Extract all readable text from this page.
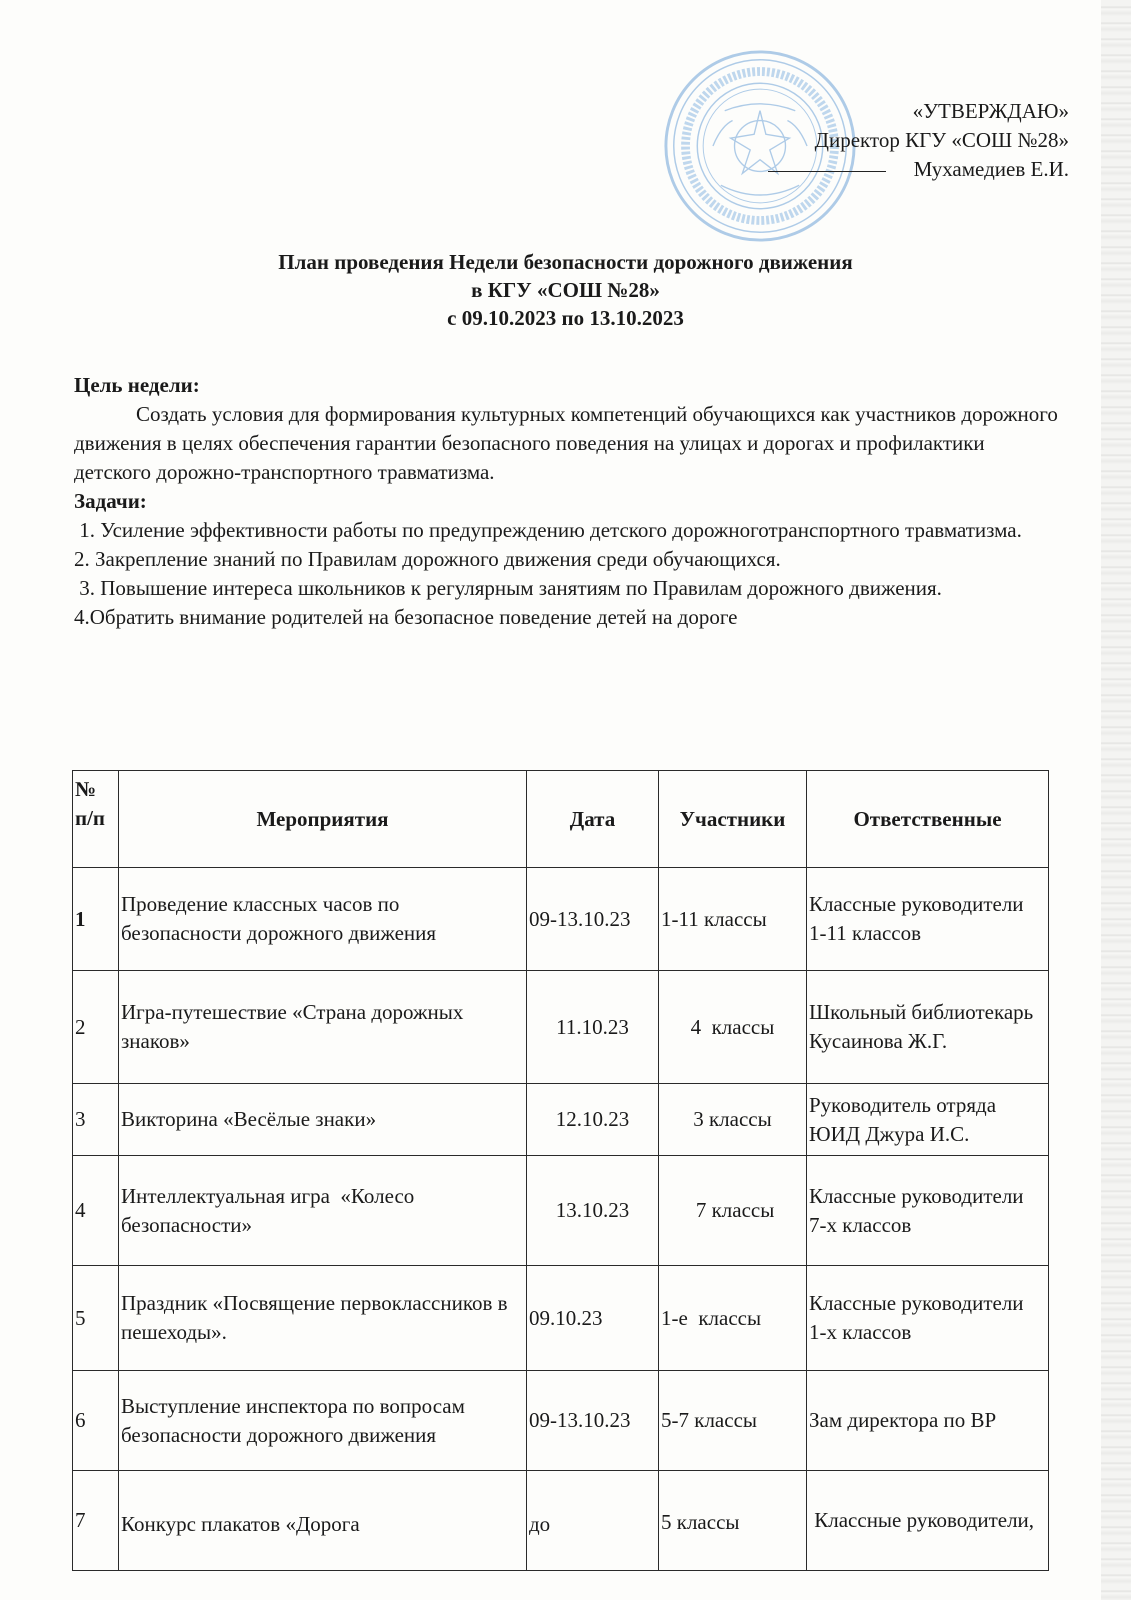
«УТВЕРЖДАЮ»
Директор КГУ «СОШ №28»
Мухамедиев Е.И.
План проведения Недели безопасности дорожного движения
в КГУ «СОШ №28»
с 09.10.2023 по 13.10.2023

Цель недели:

Создать условия для формирования культурных компетенций обучающихся как участников дорожного движения в целях обеспечения гарантии безопасного поведения на улицах и дорогах и профилактики детского дорожно-транспортного травматизма.

Задачи:

1. Усиление эффективности работы по предупреждению детского дорожноготранспортного травматизма.

2. Закрепление знаний по Правилам дорожного движения среди обучающихся.

3. Повышение интереса школьников к регулярным занятиям по Правилам дорожного движения.

4.Обратить внимание родителей на безопасное поведение детей на дороге

№ п/п	Мероприятия	Дата	Участники	Ответственные
1	Проведение классных часов по безопасности дорожного движения	09-13.10.23	1-11 классы	Классные руководители 1-11 классов
2	Игра-путешествие «Страна дорожных знаков»	11.10.23	4  классы	Школьный библиотекарь Кусаинова Ж.Г.
3	Викторина «Весёлые знаки»	12.10.23	3 классы	Руководитель отряда ЮИД Джура И.С.
4	Интеллектуальная игра  «Колесо безопасности»	13.10.23	7 классы	Классные руководители 7-х классов
5	Праздник «Посвящение первоклассников в пешеходы».	09.10.23	1-е  классы	Классные руководители 1-х классов
6	Выступление инспектора по вопросам безопасности дорожного движения	09-13.10.23	5-7 классы	Зам директора по ВР
7	Конкурс плакатов «Дорога	до	5 классы	Классные руководители,
